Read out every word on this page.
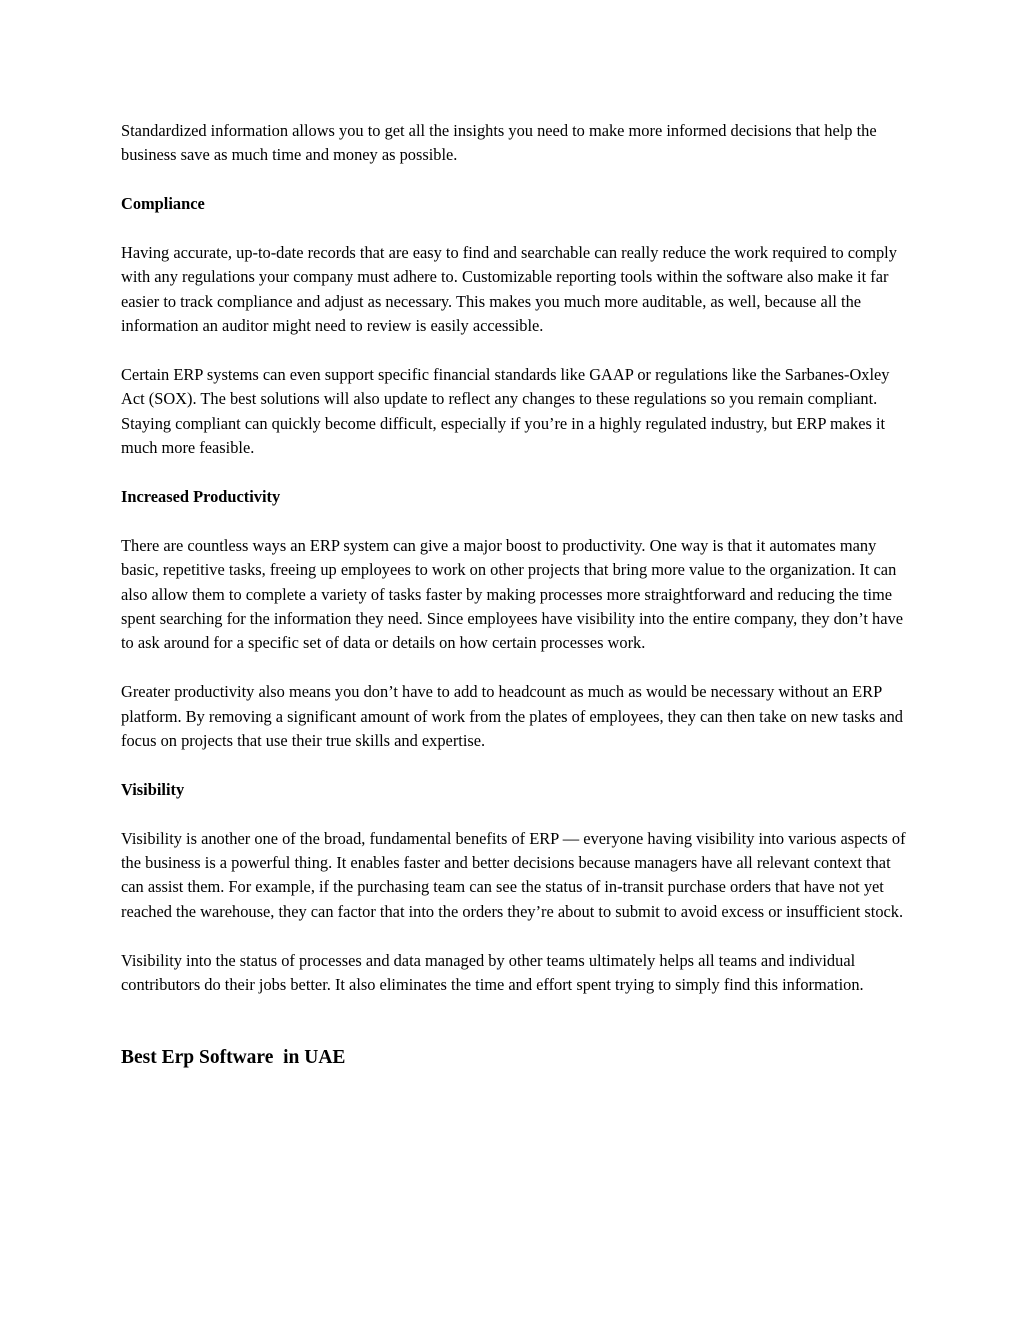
Standardized information allows you to get all the insights you need to make more informed decisions that help the business save as much time and money as possible.

Compliance

Having accurate, up-to-date records that are easy to find and searchable can really reduce the work required to comply with any regulations your company must adhere to. Customizable reporting tools within the software also make it far easier to track compliance and adjust as necessary. This makes you much more auditable, as well, because all the information an auditor might need to review is easily accessible.

Certain ERP systems can even support specific financial standards like GAAP or regulations like the Sarbanes-Oxley Act (SOX). The best solutions will also update to reflect any changes to these regulations so you remain compliant. Staying compliant can quickly become difficult, especially if you’re in a highly regulated industry, but ERP makes it much more feasible.

Increased Productivity

There are countless ways an ERP system can give a major boost to productivity. One way is that it automates many basic, repetitive tasks, freeing up employees to work on other projects that bring more value to the organization. It can also allow them to complete a variety of tasks faster by making processes more straightforward and reducing the time spent searching for the information they need. Since employees have visibility into the entire company, they don’t have to ask around for a specific set of data or details on how certain processes work.

Greater productivity also means you don’t have to add to headcount as much as would be necessary without an ERP platform. By removing a significant amount of work from the plates of employees, they can then take on new tasks and focus on projects that use their true skills and expertise.

Visibility

Visibility is another one of the broad, fundamental benefits of ERP — everyone having visibility into various aspects of the business is a powerful thing. It enables faster and better decisions because managers have all relevant context that can assist them. For example, if the purchasing team can see the status of in-transit purchase orders that have not yet reached the warehouse, they can factor that into the orders they’re about to submit to avoid excess or insufficient stock.

Visibility into the status of processes and data managed by other teams ultimately helps all teams and individual contributors do their jobs better. It also eliminates the time and effort spent trying to simply find this information.

Best Erp Software  in UAE
